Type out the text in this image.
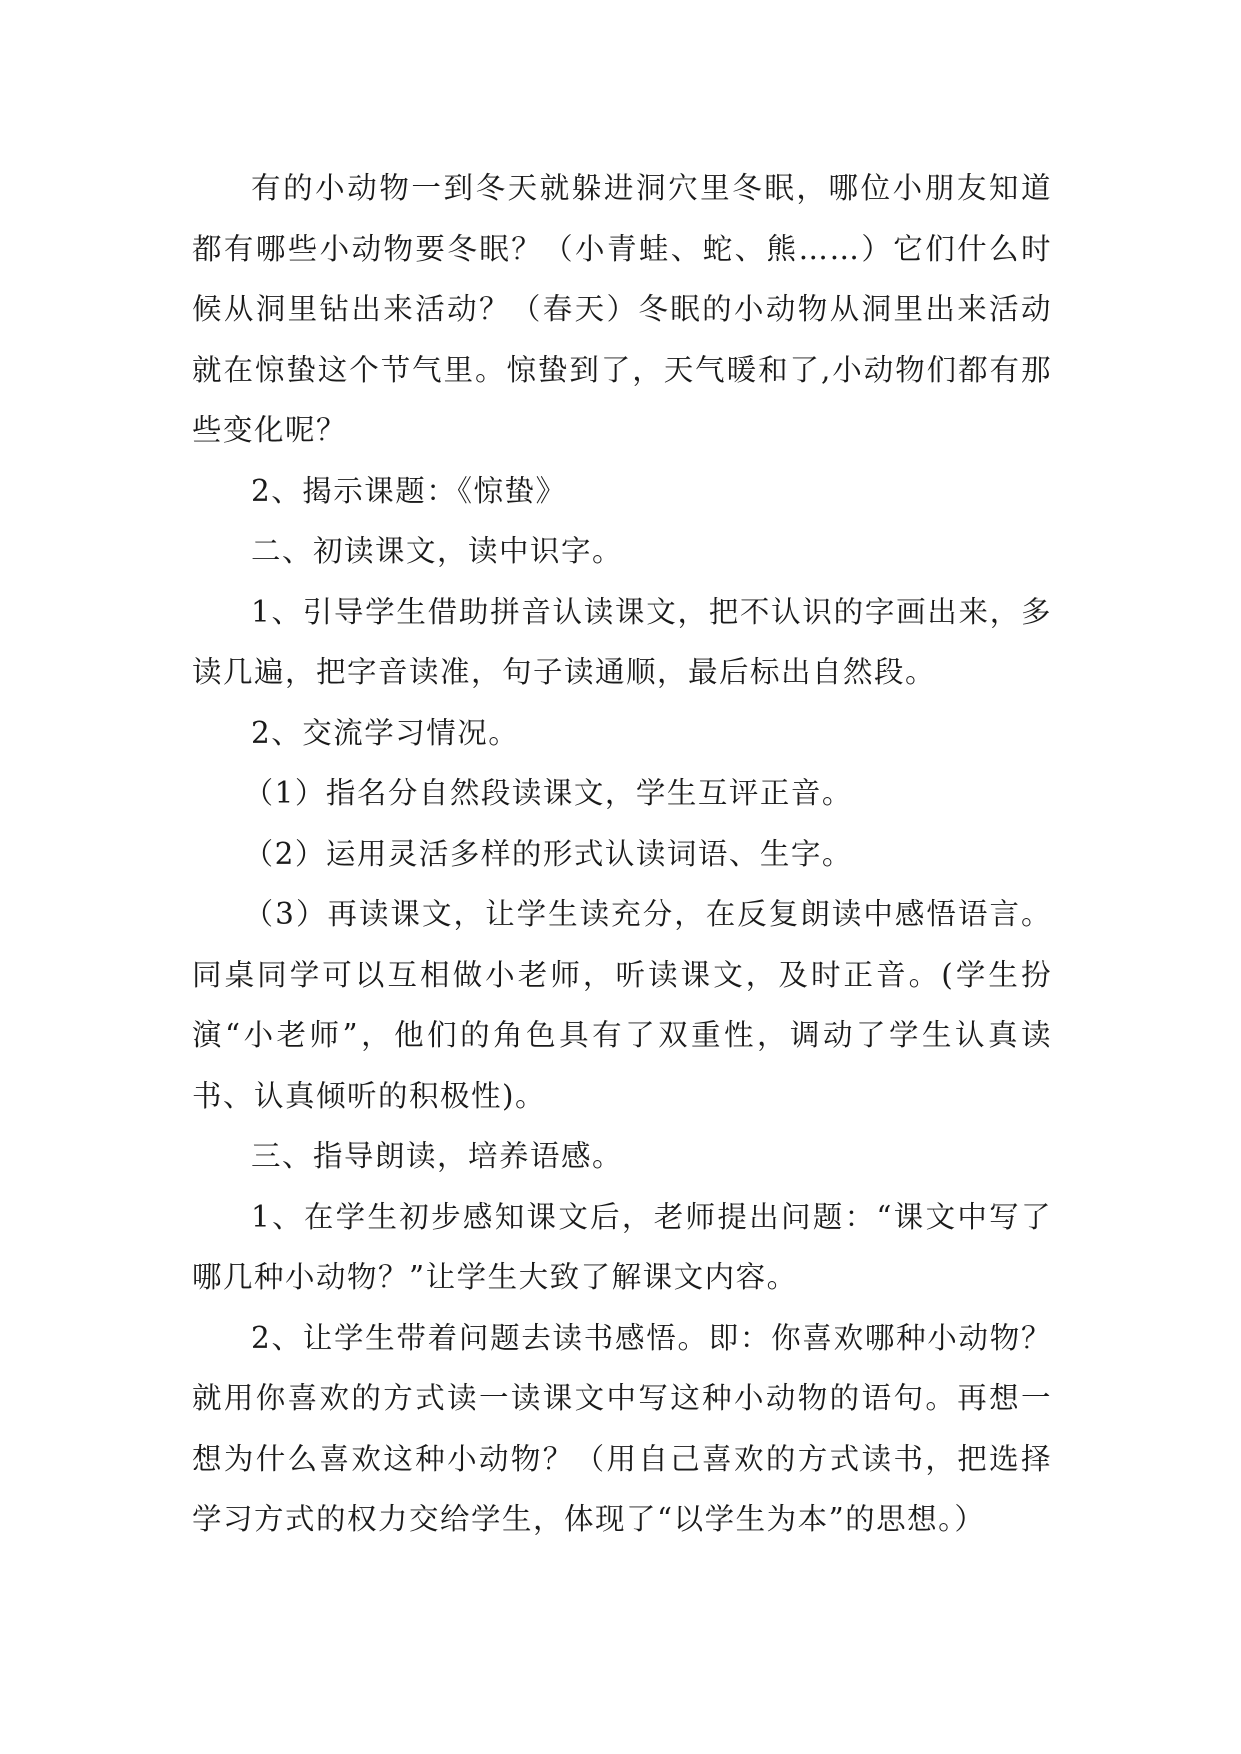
有的小动物一到冬天就躲进洞穴里冬眠，哪位小朋友知道都有哪些小动物要冬眠？（小青蛙、蛇、熊……）它们什么时候从洞里钻出来活动？（春天）冬眠的小动物从洞里出来活动就在惊蛰这个节气里。惊蛰到了，天气暖和了,小动物们都有那些变化呢？

2、揭示课题：《惊蛰》

二、初读课文，读中识字。

1、引导学生借助拼音认读课文，把不认识的字画出来，多读几遍，把字音读准，句子读通顺，最后标出自然段。

2、交流学习情况。

（1）指名分自然段读课文，学生互评正音。

（2）运用灵活多样的形式认读词语、生字。

（3）再读课文，让学生读充分，在反复朗读中感悟语言。同桌同学可以互相做小老师，听读课文，及时正音。(学生扮演“小老师”，他们的角色具有了双重性，调动了学生认真读书、认真倾听的积极性)。

三、指导朗读，培养语感。

1、在学生初步感知课文后，老师提出问题：“课文中写了哪几种小动物？”让学生大致了解课文内容。

2、让学生带着问题去读书感悟。即：你喜欢哪种小动物？就用你喜欢的方式读一读课文中写这种小动物的语句。再想一想为什么喜欢这种小动物？（用自己喜欢的方式读书，把选择学习方式的权力交给学生，体现了“以学生为本”的思想。）
